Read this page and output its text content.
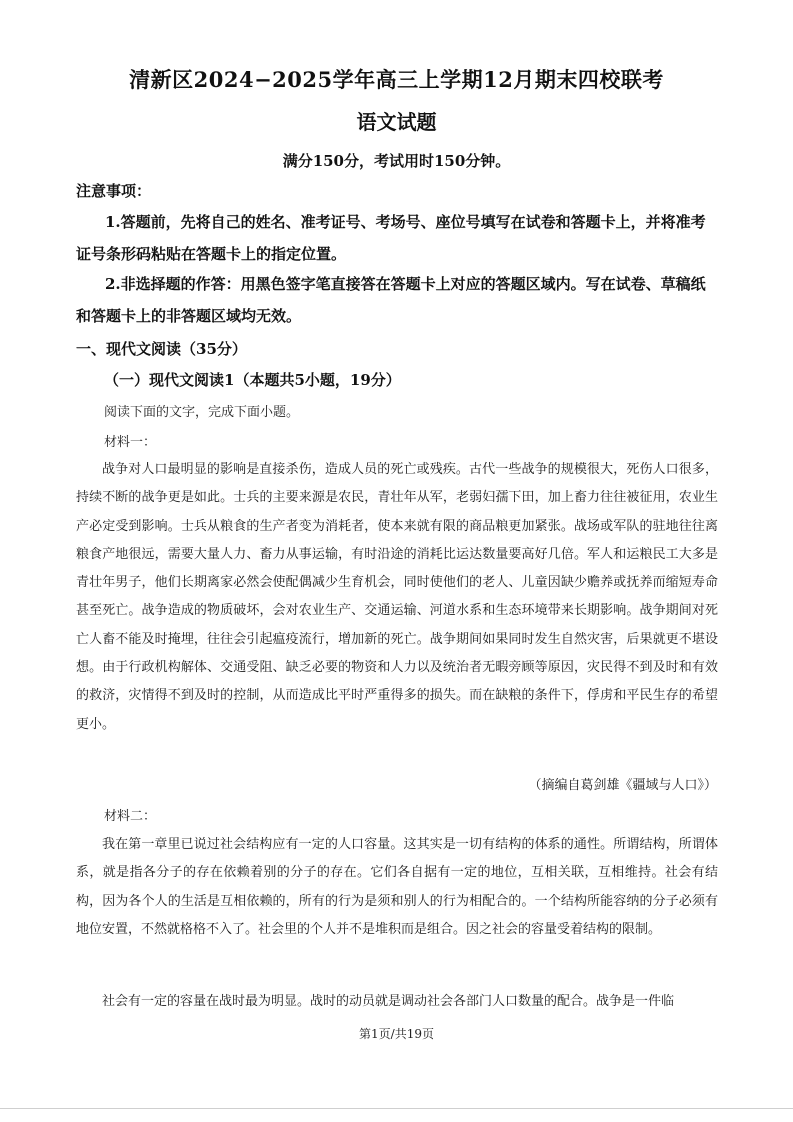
清新区2024−2025学年高三上学期12月期末四校联考
语文试题
满分150分，考试用时150分钟。
注意事项：
1.答题前，先将自己的姓名、准考证号、考场号、座位号填写在试卷和答题卡上，并将准考证号条形码粘贴在答题卡上的指定位置。
2.非选择题的作答：用黑色签字笔直接答在答题卡上对应的答题区域内。写在试卷、草稿纸和答题卡上的非答题区域均无效。
一、现代文阅读（35分）
（一）现代文阅读1（本题共5小题，19分）
阅读下面的文字，完成下面小题。
材料一：
战争对人口最明显的影响是直接杀伤，造成人员的死亡或残疾。古代一些战争的规模很大，死伤人口很多，持续不断的战争更是如此。士兵的主要来源是农民，青壮年从军，老弱妇孺下田，加上畜力往往被征用，农业生产必定受到影响。士兵从粮食的生产者变为消耗者，使本来就有限的商品粮更加紧张。战场或军队的驻地往往离粮食产地很远，需要大量人力、畜力从事运输，有时沿途的消耗比运达数量要高好几倍。军人和运粮民工大多是青壮年男子，他们长期离家必然会使配偶减少生育机会，同时使他们的老人、儿童因缺少赡养或抚养而缩短寿命甚至死亡。战争造成的物质破坏，会对农业生产、交通运输、河道水系和生态环境带来长期影响。战争期间对死亡人畜不能及时掩埋，往往会引起瘟疫流行，增加新的死亡。战争期间如果同时发生自然灾害，后果就更不堪设想。由于行政机构解体、交通受阻、缺乏必要的物资和人力以及统治者无暇旁顾等原因，灾民得不到及时和有效的救济，灾情得不到及时的控制，从而造成比平时严重得多的损失。而在缺粮的条件下，俘虏和平民生存的希望更小。
（摘编自葛剑雄《疆域与人口》）
材料二：
我在第一章里已说过社会结构应有一定的人口容量。这其实是一切有结构的体系的通性。所谓结构，所谓体系，就是指各分子的存在依赖着别的分子的存在。它们各自据有一定的地位，互相关联，互相维持。社会有结构，因为各个人的生活是互相依赖的，所有的行为是须和别人的行为相配合的。一个结构所能容纳的分子必须有地位安置，不然就格格不入了。社会里的个人并不是堆积而是组合。因之社会的容量受着结构的限制。
社会有一定的容量在战时最为明显。战时的动员就是调动社会各部门人口数量的配合。战争是一件临
第1页/共19页
